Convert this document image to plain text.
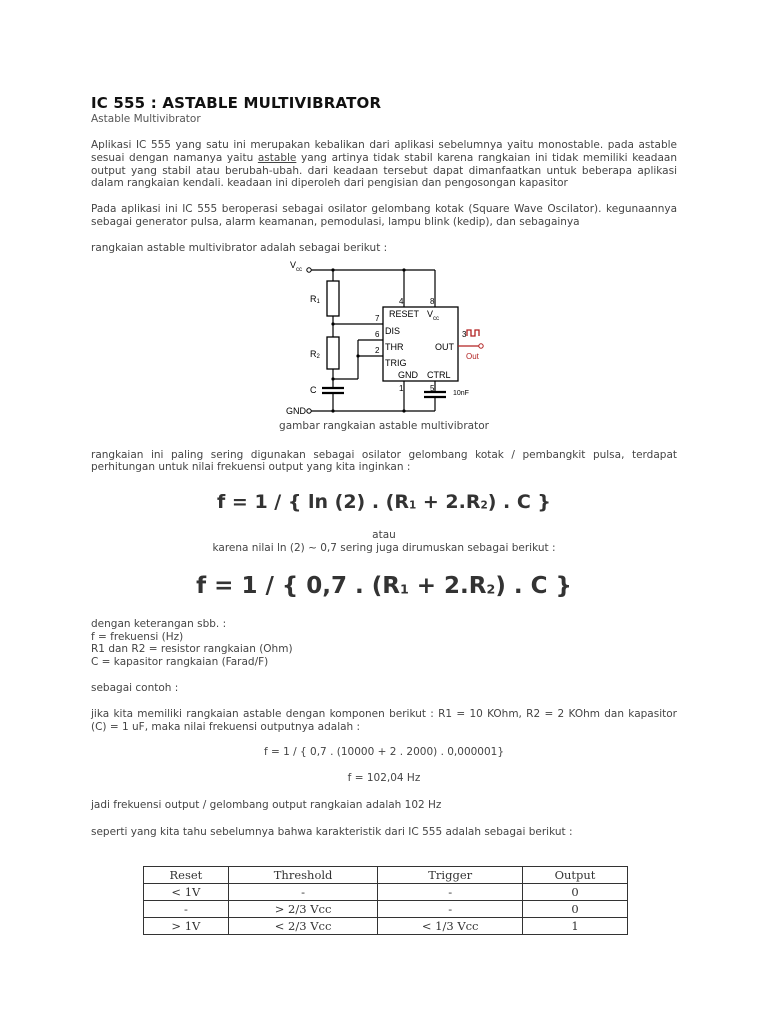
IC 555 : ASTABLE MULTIVIBRATOR
Astable Multivibrator

Aplikasi IC 555 yang satu ini merupakan kebalikan dari aplikasi sebelumnya yaitu monostable. pada astable sesuai dengan namanya yaitu astable yang artinya tidak stabil karena rangkaian ini tidak memiliki keadaan output yang stabil atau berubah-ubah. dari keadaan tersebut dapat dimanfaatkan untuk beberapa aplikasi dalam rangkaian kendali. keadaan ini diperoleh dari pengisian dan pengosongan kapasitor

Pada aplikasi ini IC 555 beroperasi sebagai osilator gelombang kotak (Square Wave Oscilator). kegunaannya sebagai generator pulsa, alarm keamanan, pemodulasi, lampu blink (kedip), dan sebagainya

rangkaian astable multivibrator adalah sebagai berikut :

$V_{cc}$
R1
R2
C
GND
10nF
4	8
7
6
2
3
1	5
RESET $V_{cc}$
DIS
THR
TRIG
OUT
GND CTRL
Out
gambar rangkaian astable multivibrator

rangkaian ini paling sering digunakan sebagai osilator gelombang kotak / pembangkit pulsa, terdapat perhitungan untuk nilai frekuensi output yang kita inginkan :

f = 1 / { ln (2) . $(R_1 + 2.R_2)$ . C }

atau

karena nilai ln (2) ~ 0,7 sering juga dirumuskan sebagai berikut :

f = 1 / { 0,7 . $(R_1 + 2.R_2)$ . C }

dengan keterangan sbb. :

f = frekuensi (Hz)

R1 dan R2 = resistor rangkaian (Ohm)

C = kapasitor rangkaian (Farad/F)

sebagai contoh :

jika kita memiliki rangkaian astable dengan komponen berikut : R1 = 10 KOhm, R2 = 2 KOhm dan kapasitor (C) = 1 uF, maka nilai frekuensi outputnya adalah :

f = 1 / { 0,7 . (10000 + 2 . 2000) . 0,000001}

f = 102,04 Hz

jadi frekuensi output / gelombang output rangkaian adalah 102 Hz

seperti yang kita tahu sebelumnya bahwa karakteristik dari IC 555 adalah sebagai berikut :

Reset	Threshold	Trigger	Output
< 1V	-	-	0
-	> 2/3 Vcc	-	0
> 1V	< 2/3 Vcc	< 1/3 Vcc	1
